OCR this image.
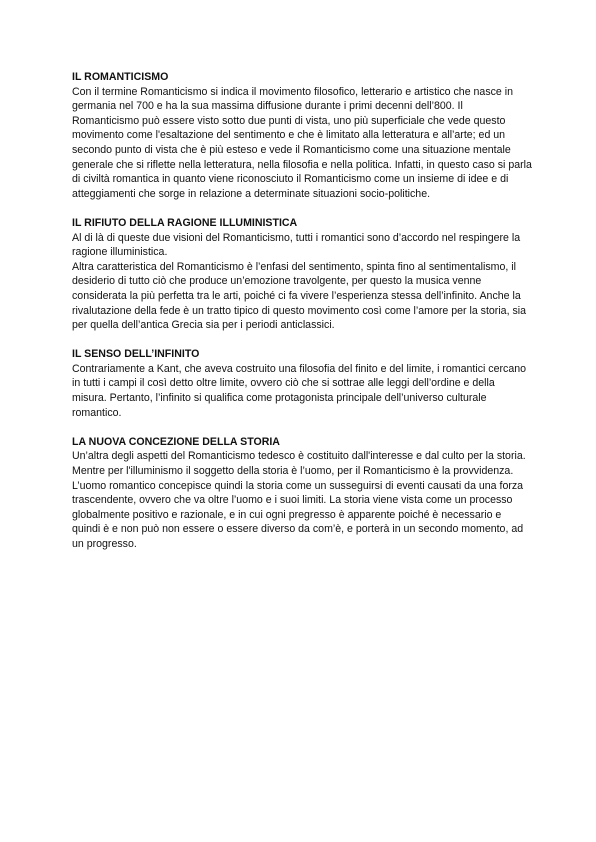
IL ROMANTICISMO
Con il termine Romanticismo si indica il movimento filosofico, letterario e artistico che nasce in germania nel 700 e ha la sua massima diffusione durante i primi decenni dell’800. Il Romanticismo può essere visto sotto due punti di vista, uno più superficiale che vede questo movimento come l'esaltazione del sentimento e che è limitato alla letteratura e all’arte; ed un secondo punto di vista che è più esteso e vede il Romanticismo come una situazione mentale generale che si riflette nella letteratura, nella filosofia e nella politica. Infatti, in questo caso si parla di civiltà romantica in quanto viene riconosciuto il Romanticismo come un insieme di idee e di atteggiamenti che sorge in relazione a determinate situazioni socio-politiche.
IL RIFIUTO DELLA RAGIONE ILLUMINISTICA
Al di là di queste due visioni del Romanticismo, tutti i romantici sono d’accordo nel respingere la ragione illuministica.
Altra caratteristica del Romanticismo è l’enfasi del sentimento, spinta fino al sentimentalismo, il desiderio di tutto ciò che produce un’emozione travolgente, per questo la musica venne considerata la più perfetta tra le arti, poiché ci fa vivere l’esperienza stessa dell’infinito. Anche la rivalutazione della fede è un tratto tipico di questo movimento così come l’amore per la storia, sia per quella dell’antica Grecia sia per i periodi anticlassici.
IL SENSO DELL’INFINITO
Contrariamente a Kant, che aveva costruito una filosofia del finito e del limite, i romantici cercano in tutti i campi il così detto oltre limite, ovvero ciò che si sottrae alle leggi dell’ordine e della misura. Pertanto, l’infinito si qualifica come protagonista principale dell’universo culturale romantico.
LA NUOVA CONCEZIONE DELLA STORIA
Un’altra degli aspetti del Romanticismo tedesco è costituito dall'interesse e dal culto per la storia. Mentre per l'illuminismo il soggetto della storia è l’uomo, per il Romanticismo è la provvidenza. L’uomo romantico concepisce quindi la storia come un susseguirsi di eventi causati da una forza trascendente, ovvero che va oltre l’uomo e i suoi limiti. La storia viene vista come un processo globalmente positivo e razionale, e in cui ogni pregresso è apparente poiché è necessario e quindi è e non può non essere o essere diverso da com’è, e porterà in un secondo momento, ad un progresso.
